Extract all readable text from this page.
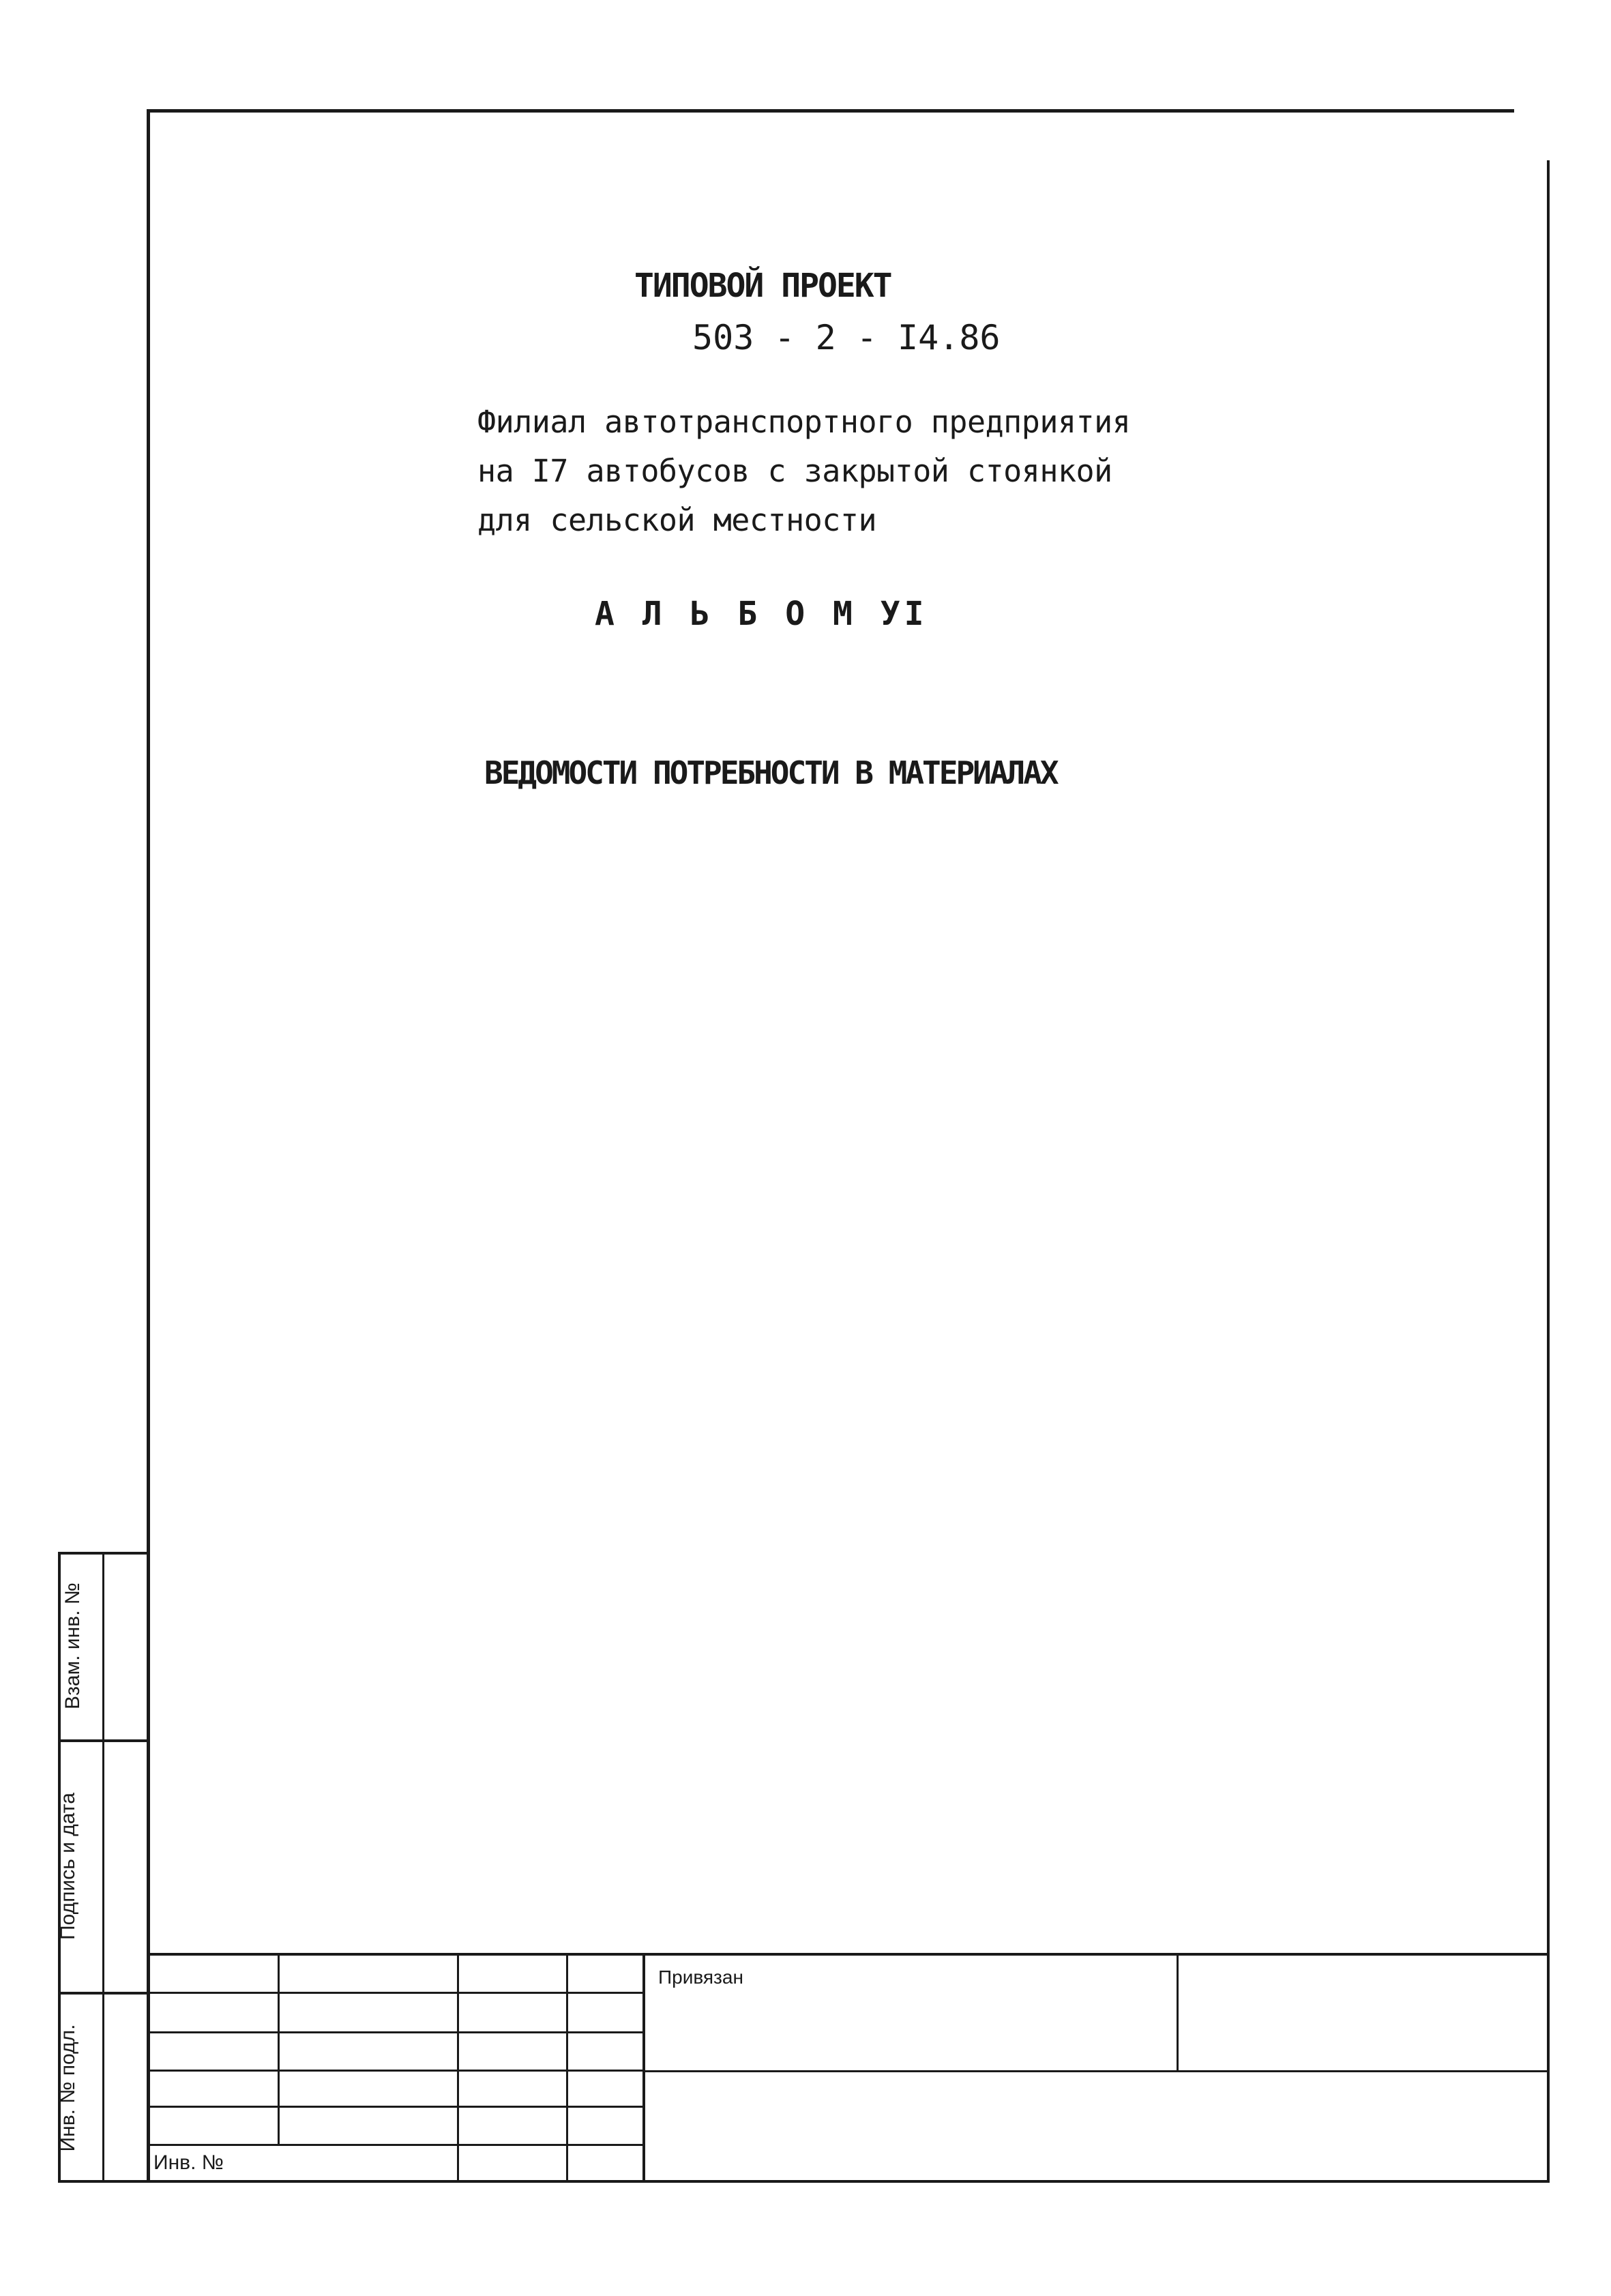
ТИПОВОЙ ПРОЕКТ
503 - 2 - I4.86
Филиал автотранспортного предприятия
на I7 автобусов с закрытой стоянкой
для сельской местности
А Л Ь Б О М УI
ВЕДОМОСТИ ПОТРЕБНОСТИ В МАТЕРИАЛАХ
Взам. инв. №
Подпись и дата
Инв. № подл.
Привязан
Инв. №
